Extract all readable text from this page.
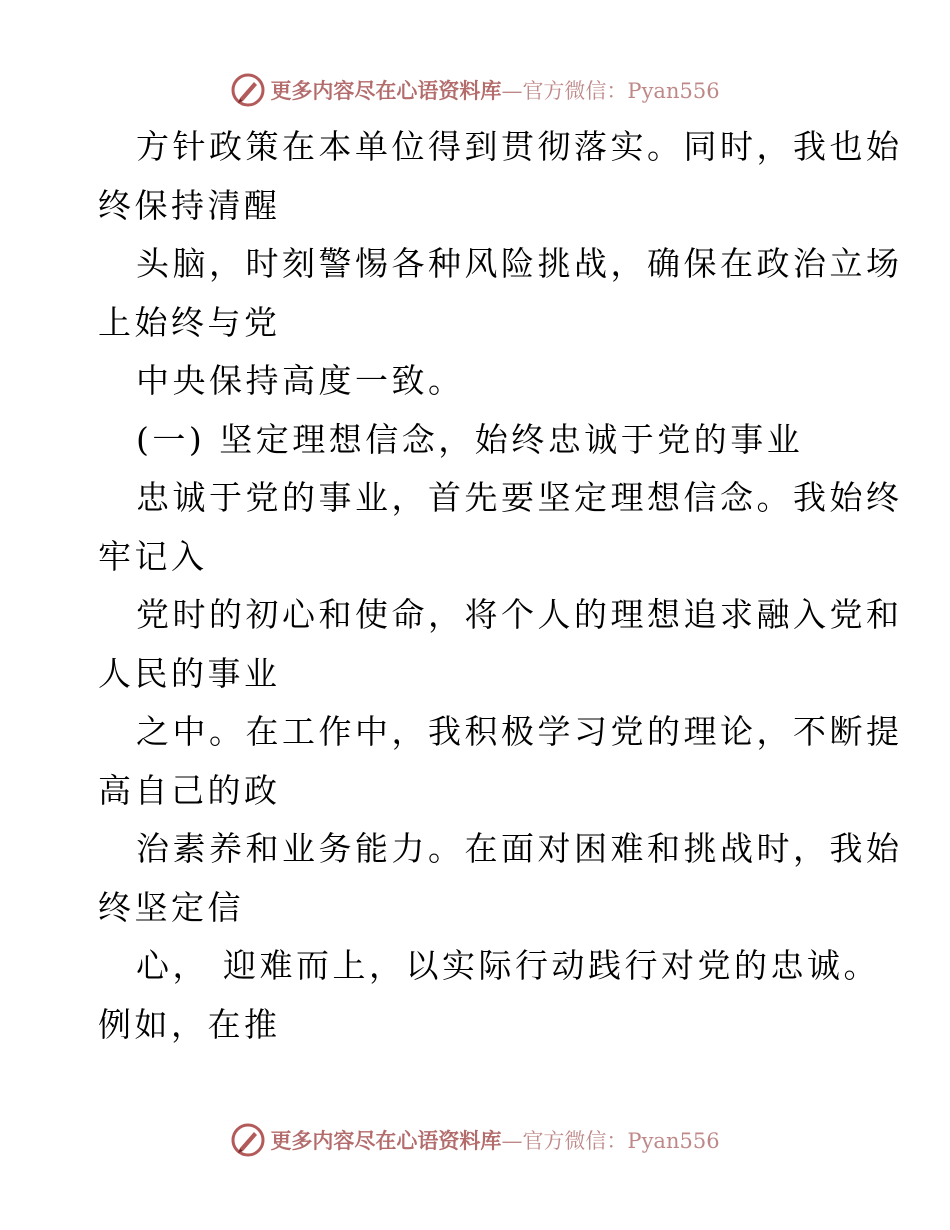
更多内容尽在心语资料库—官方微信：Pyan556
方针政策在本单位得到贯彻落实。同时，我也始
终保持清醒
头脑，时刻警惕各种风险挑战，确保在政治立场
上始终与党
中央保持高度一致。
(一) 坚定理想信念，始终忠诚于党的事业
忠诚于党的事业，首先要坚定理想信念。我始终
牢记入
党时的初心和使命，将个人的理想追求融入党和
人民的事业
之中。在工作中，我积极学习党的理论，不断提
高自己的政
治素养和业务能力。在面对困难和挑战时，我始
终坚定信
心， 迎难而上，以实际行动践行对党的忠诚。
例如，在推
更多内容尽在心语资料库—官方微信：Pyan556
